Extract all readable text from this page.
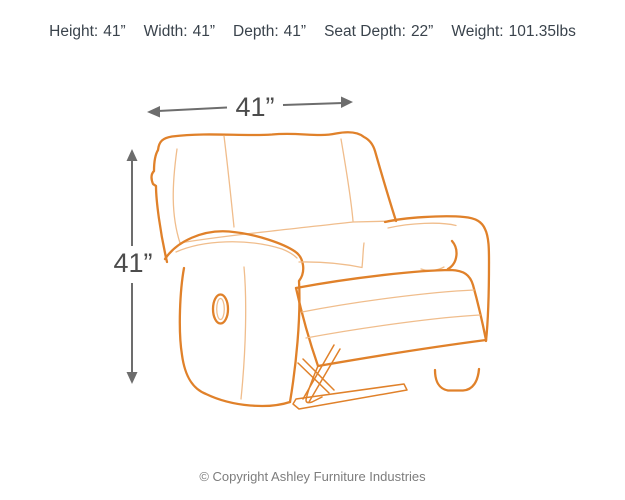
Height: 41” Width: 41” Depth: 41” Seat Depth: 22” Weight: 101.35lbs
41”
41”
© Copyright Ashley Furniture Industries
